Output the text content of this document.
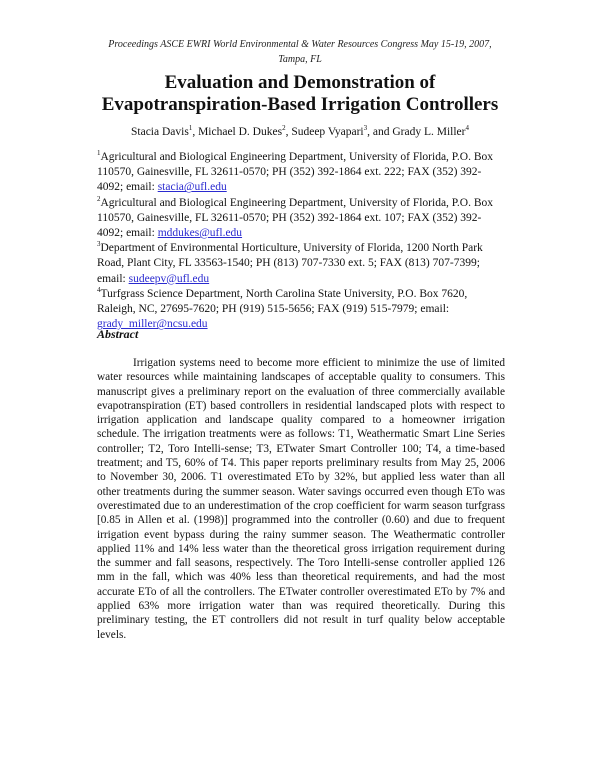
Proceedings ASCE EWRI World Environmental & Water Resources Congress May 15-19, 2007,
Tampa, FL
Evaluation and Demonstration of
Evapotranspiration-Based Irrigation Controllers
Stacia Davis$^1$, Michael D. Dukes$^2$, Sudeep Vyapari$^3$, and Grady L. Miller$^4$
$^1$Agricultural and Biological Engineering Department, University of Florida, P.O. Box 110570, Gainesville, FL 32611-0570; PH (352) 392-1864 ext. 222; FAX (352) 392-4092; email: stacia@ufl.edu
$^2$Agricultural and Biological Engineering Department, University of Florida, P.O. Box 110570, Gainesville, FL 32611-0570; PH (352) 392-1864 ext. 107; FAX (352) 392-4092; email: mddukes@ufl.edu
$^3$Department of Environmental Horticulture, University of Florida, 1200 North Park Road, Plant City, FL 33563-1540; PH (813) 707-7330 ext. 5; FAX (813) 707-7399; email: sudeepv@ufl.edu
$^4$Turfgrass Science Department, North Carolina State University, P.O. Box 7620, Raleigh, NC, 27695-7620; PH (919) 515-5656; FAX (919) 515-7979; email: grady_miller@ncsu.edu
Abstract

Irrigation systems need to become more efficient to minimize the use of limited water resources while maintaining landscapes of acceptable quality to consumers. This manuscript gives a preliminary report on the evaluation of three commercially available evapotranspiration (ET) based controllers in residential landscaped plots with respect to irrigation application and landscape quality compared to a homeowner irrigation schedule. The irrigation treatments were as follows: T1, Weathermatic Smart Line Series controller; T2, Toro Intelli-sense; T3, ETwater Smart Controller 100; T4, a time-based treatment; and T5, 60% of T4. This paper reports preliminary results from May 25, 2006 to November 30, 2006. T1 overestimated ETo by 32%, but applied less water than all other treatments during the summer season. Water savings occurred even though ETo was overestimated due to an underestimation of the crop coefficient for warm season turfgrass [0.85 in Allen et al. (1998)] programmed into the controller (0.60) and due to frequent irrigation event bypass during the rainy summer season. The Weathermatic controller applied 11% and 14% less water than the theoretical gross irrigation requirement during the summer and fall seasons, respectively. The Toro Intelli-sense controller applied 126 mm in the fall, which was 40% less than theoretical requirements, and had the most accurate ETo of all the controllers. The ETwater controller overestimated ETo by 7% and applied 63% more irrigation water than was required theoretically. During this preliminary testing, the ET controllers did not result in turf quality below acceptable levels.
